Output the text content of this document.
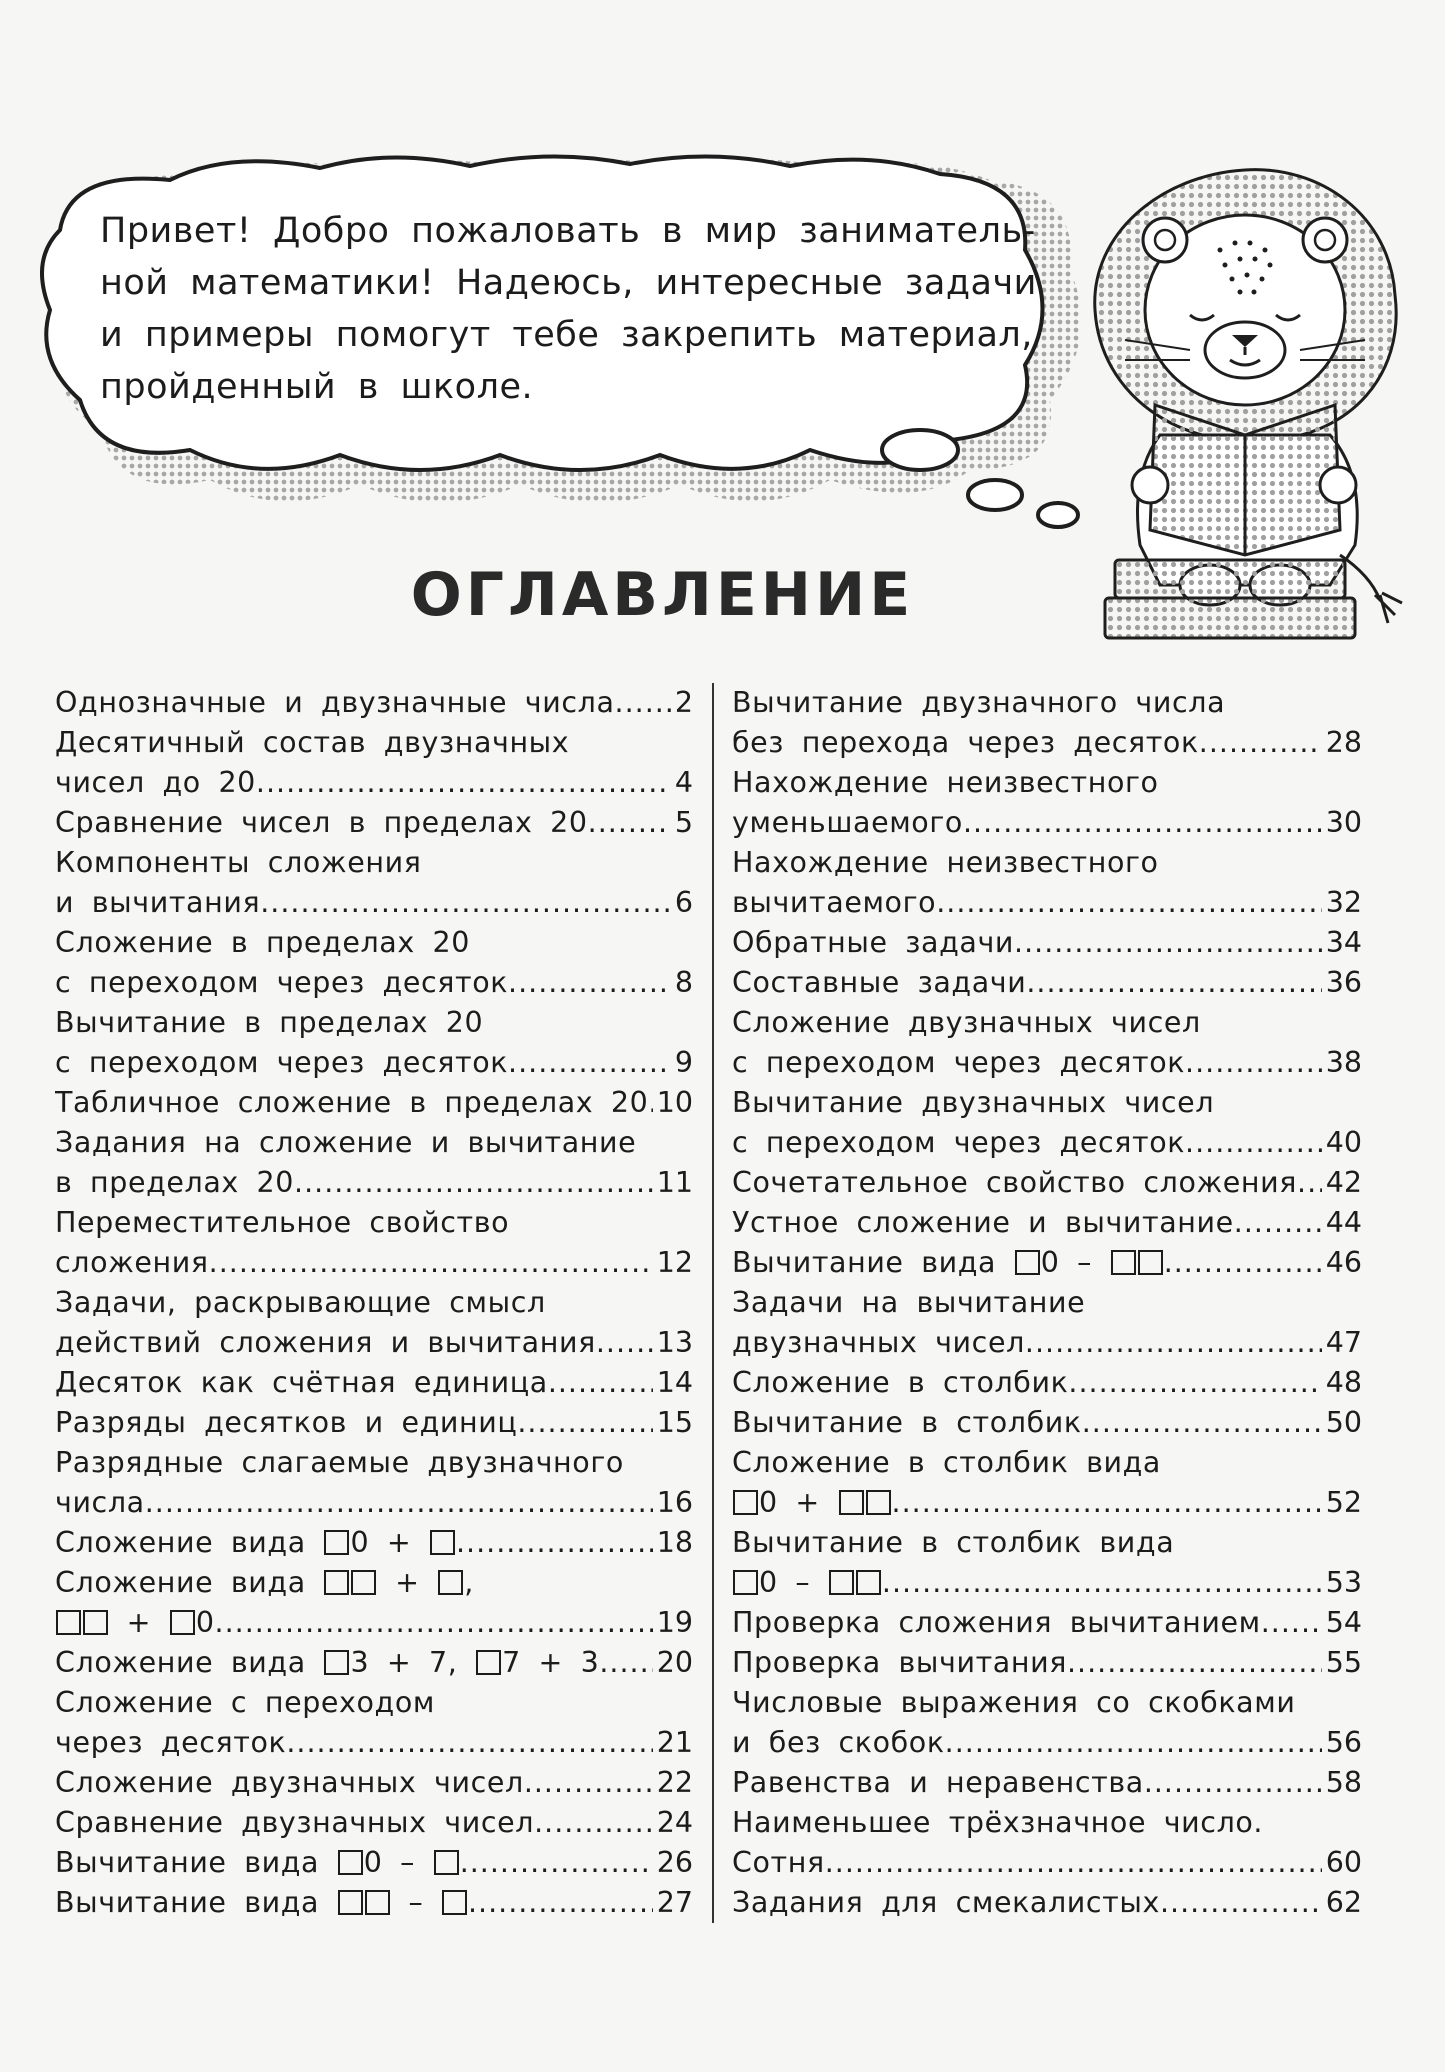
Привет! Добро пожаловать в мир заниматель-
ной математики! Надеюсь, интересные задачи
и примеры помогут тебе закрепить материал,
пройденный в школе.
ОГЛАВЛЕНИЕ
Однозначные и двузначные числа ..... 2
Десятичный состав двузначных
чисел до 20 .....	4
Сравнение чисел в пределах 20 .....	5
Компоненты сложения
и вычитания .....	6
Сложение в пределах 20
с переходом через десяток .....	8
Вычитание в пределах 20
с переходом через десяток .....	9
Табличное сложение в пределах 20 ..... 10
Задания на сложение и вычитание
в пределах 20 .....	11
Переместительное свойство
сложения .....	12
Задачи, раскрывающие смысл
действий сложения и вычитания ..... 13
Десяток как счётная единица .....	14
Разряды десятков и единиц .....	15
Разрядные слагаемые двузначного
числа .....	16
Сложение вида 0 + .....	18
Сложение вида  + ,
+ 0 .....	19
Сложение вида 3 + 7, 7 + 3 ..... 20
Сложение с переходом
через десяток .....	21
Сложение двузначных чисел .....	22
Сравнение двузначных чисел .....	24
Вычитание вида 0 – .....	26
Вычитание вида  – .....	27
Вычитание двузначного числа
без перехода через десяток .....	28
Нахождение неизвестного
уменьшаемого .....	30
Нахождение неизвестного
вычитаемого .....	32
Обратные задачи .....	34
Составные задачи .....	36
Сложение двузначных чисел
с переходом через десяток .....	38
Вычитание двузначных чисел
с переходом через десяток .....	40
Сочетательное свойство сложения ..... 42
Устное сложение и вычитание .....	44
Вычитание вида 0 – .....	46
Задачи на вычитание
двузначных чисел .....	47
Сложение в столбик .....	48
Вычитание в столбик .....	50
Сложение в столбик вида
0 + .....	52
Вычитание в столбик вида
0 – .....	53
Проверка сложения вычитанием ..... 54
Проверка вычитания .....	55
Числовые выражения со скобками
и без скобок .....	56
Равенства и неравенства .....	58
Наименьшее трёхзначное число.
Сотня .....	60
Задания для смекалистых .....	62
